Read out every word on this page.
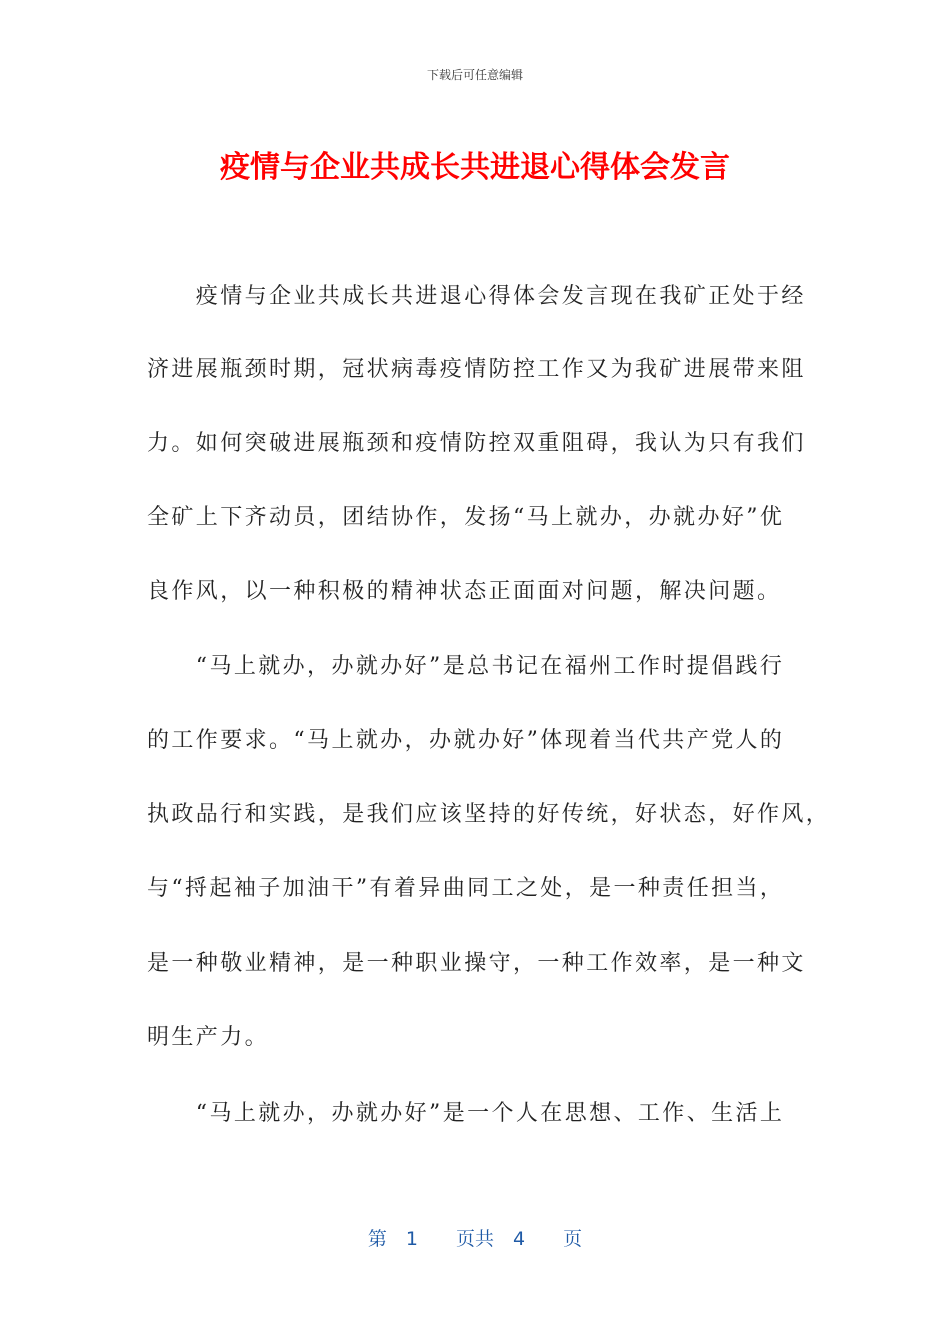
下载后可任意编辑
疫情与企业共成长共进退心得体会发言
　　疫情与企业共成长共进退心得体会发言现在我矿正处于经
济进展瓶颈时期，冠状病毒疫情防控工作又为我矿进展带来阻
力。如何突破进展瓶颈和疫情防控双重阻碍，我认为只有我们
全矿上下齐动员，团结协作，发扬“马上就办，办就办好”优
良作风，以一种积极的精神状态正面面对问题，解决问题。
　　“马上就办，办就办好”是总书记在福州工作时提倡践行
的工作要求。“马上就办，办就办好”体现着当代共产党人的
执政品行和实践，是我们应该坚持的好传统，好状态，好作风，
与“捋起袖子加油干”有着异曲同工之处，是一种责任担当，
是一种敬业精神，是一种职业操守，一种工作效率，是一种文
明生产力。
　　“马上就办，办就办好”是一个人在思想、工作、生活上
第　1　　页共　4　　页
